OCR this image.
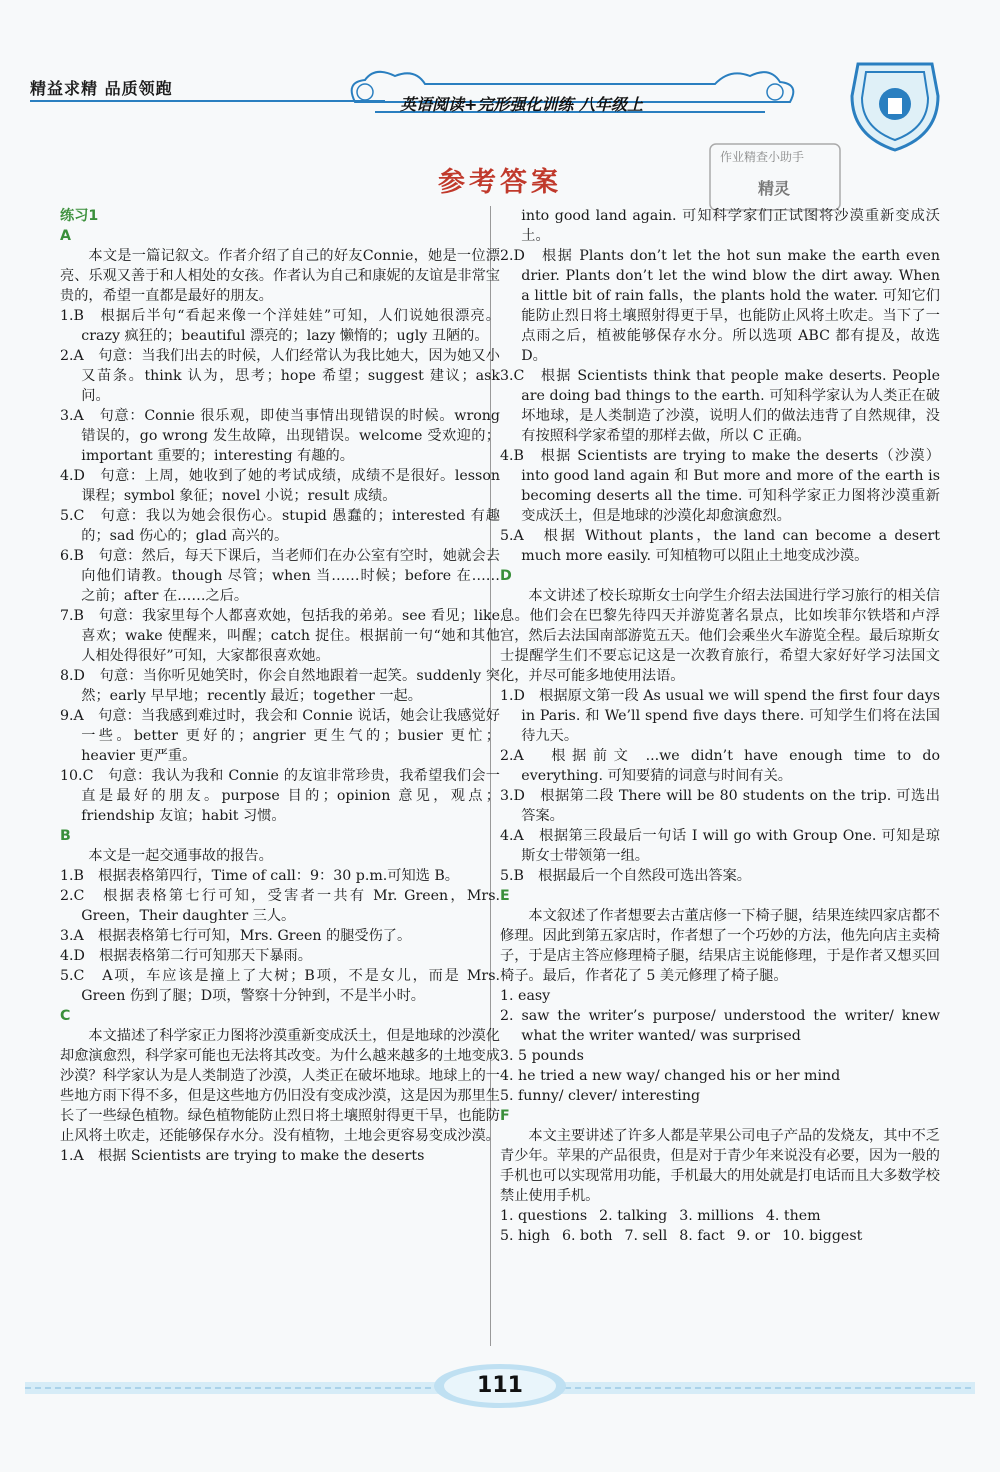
精益求精 品质领跑
英语阅读+完形强化训练 八年级上
作业精查小助手
精灵
参考答案

练习1

A

本文是一篇记叙文。作者介绍了自己的好友Connie，她是一位漂亮、乐观又善于和人相处的女孩。作者认为自己和康妮的友谊是非常宝贵的，希望一直都是最好的朋友。

1.B　根据后半句“看起来像一个洋娃娃”可知，人们说她很漂亮。crazy 疯狂的；beautiful 漂亮的；lazy 懒惰的；ugly 丑陋的。

2.A　句意：当我们出去的时候，人们经常认为我比她大，因为她又小又苗条。think 认为，思考；hope 希望；suggest 建议；ask 问。

3.A　句意：Connie 很乐观，即使当事情出现错误的时候。wrong 错误的，go wrong 发生故障，出现错误。welcome 受欢迎的；important 重要的；interesting 有趣的。

4.D　句意：上周，她收到了她的考试成绩，成绩不是很好。lesson 课程；symbol 象征；novel 小说；result 成绩。

5.C　句意：我以为她会很伤心。stupid 愚蠢的；interested 有趣的；sad 伤心的；glad 高兴的。

6.B　句意：然后，每天下课后，当老师们在办公室有空时，她就会去向他们请教。though 尽管；when 当……时候；before 在……之前；after 在……之后。

7.B　句意：我家里每个人都喜欢她，包括我的弟弟。see 看见；like 喜欢；wake 使醒来，叫醒；catch 捉住。根据前一句“她和其他人相处得很好”可知，大家都很喜欢她。

8.D　句意：当你听见她笑时，你会自然地跟着一起笑。suddenly 突然；early 早早地；recently 最近；together 一起。

9.A　句意：当我感到难过时，我会和 Connie 说话，她会让我感觉好一些。better 更好的；angrier 更生气的；busier 更忙；heavier 更严重。

10.C　句意：我认为我和 Connie 的友谊非常珍贵，我希望我们会一直是最好的朋友。purpose 目的；opinion 意见，观点；friendship 友谊；habit 习惯。

B

本文是一起交通事故的报告。

1.B　根据表格第四行，Time of call：9：30 p.m.可知选 B。

2.C　根据表格第七行可知，受害者一共有 Mr. Green，Mrs. Green，Their daughter 三人。

3.A　根据表格第七行可知，Mrs. Green 的腿受伤了。

4.D　根据表格第二行可知那天下暴雨。

5.C　A项，车应该是撞上了大树；B项，不是女儿，而是 Mrs. Green 伤到了腿；D项，警察十分钟到，不是半小时。

C

本文描述了科学家正力图将沙漠重新变成沃土，但是地球的沙漠化却愈演愈烈，科学家可能也无法将其改变。为什么越来越多的土地变成沙漠？科学家认为是人类制造了沙漠，人类正在破坏地球。地球上的一些地方雨下得不多，但是这些地方仍旧没有变成沙漠，这是因为那里生长了一些绿色植物。绿色植物能防止烈日将土壤照射得更干旱，也能防止风将土吹走，还能够保存水分。没有植物，土地会更容易变成沙漠。

1.A　根据 Scientists are trying to make the deserts

into good land again. 可知科学家们正试图将沙漠重新变成沃土。

2.D　根据 Plants don’t let the hot sun make the earth even drier. Plants don’t let the wind blow the dirt away. When a little bit of rain falls，the plants hold the water. 可知它们能防止烈日将土壤照射得更于旱，也能防止风将土吹走。当下了一点雨之后，植被能够保存水分。所以选项 ABC 都有提及，故选 D。

3.C　根据 Scientists think that people make deserts. People are doing bad things to the earth. 可知科学家认为人类正在破坏地球，是人类制造了沙漠，说明人们的做法违背了自然规律，没有按照科学家希望的那样去做，所以 C 正确。

4.B　根据 Scientists are trying to make the deserts（沙漠）into good land again 和 But more and more of the earth is becoming deserts all the time. 可知科学家正力图将沙漠重新变成沃土，但是地球的沙漠化却愈演愈烈。

5.A　根据 Without plants，the land can become a desert much more easily. 可知植物可以阻止土地变成沙漠。

D

本文讲述了校长琼斯女士向学生介绍去法国进行学习旅行的相关信息。他们会在巴黎先待四天并游览著名景点，比如埃菲尔铁塔和卢浮宫，然后去法国南部游览五天。他们会乘坐火车游览全程。最后琼斯女士提醒学生们不要忘记这是一次教育旅行，希望大家好好学习法国文化，并尽可能多地使用法语。

1.D　根据原文第一段 As usual we will spend the first four days in Paris. 和 We’ll spend five days there. 可知学生们将在法国待九天。

2.A　根据前文 ...we didn’t have enough time to do everything. 可知要猜的词意与时间有关。

3.D　根据第二段 There will be 80 students on the trip. 可选出答案。

4.A　根据第三段最后一句话 I will go with Group One. 可知是琼斯女士带领第一组。

5.B　根据最后一个自然段可选出答案。

E

本文叙述了作者想要去古董店修一下椅子腿，结果连续四家店都不修理。因此到第五家店时，作者想了一个巧妙的方法，他先向店主卖椅子，于是店主答应修理椅子腿，结果店主说能修理，于是作者又想买回椅子。最后，作者花了 5 美元修理了椅子腿。

1. easy

2. saw the writer’s purpose/ understood the writer/ knew what the writer wanted/ was surprised

3. 5 pounds

4. he tried a new way/ changed his or her mind

5. funny/ clever/ interesting

F

本文主要讲述了许多人都是苹果公司电子产品的发烧友，其中不乏青少年。苹果的产品很贵，但是对于青少年来说没有必要，因为一般的手机也可以实现常用功能，手机最大的用处就是打电话而且大多数学校禁止使用手机。

1. questions 2. talking 3. millions 4. them
5. high 6. both 7. sell 8. fact 9. or 10. biggest
111
